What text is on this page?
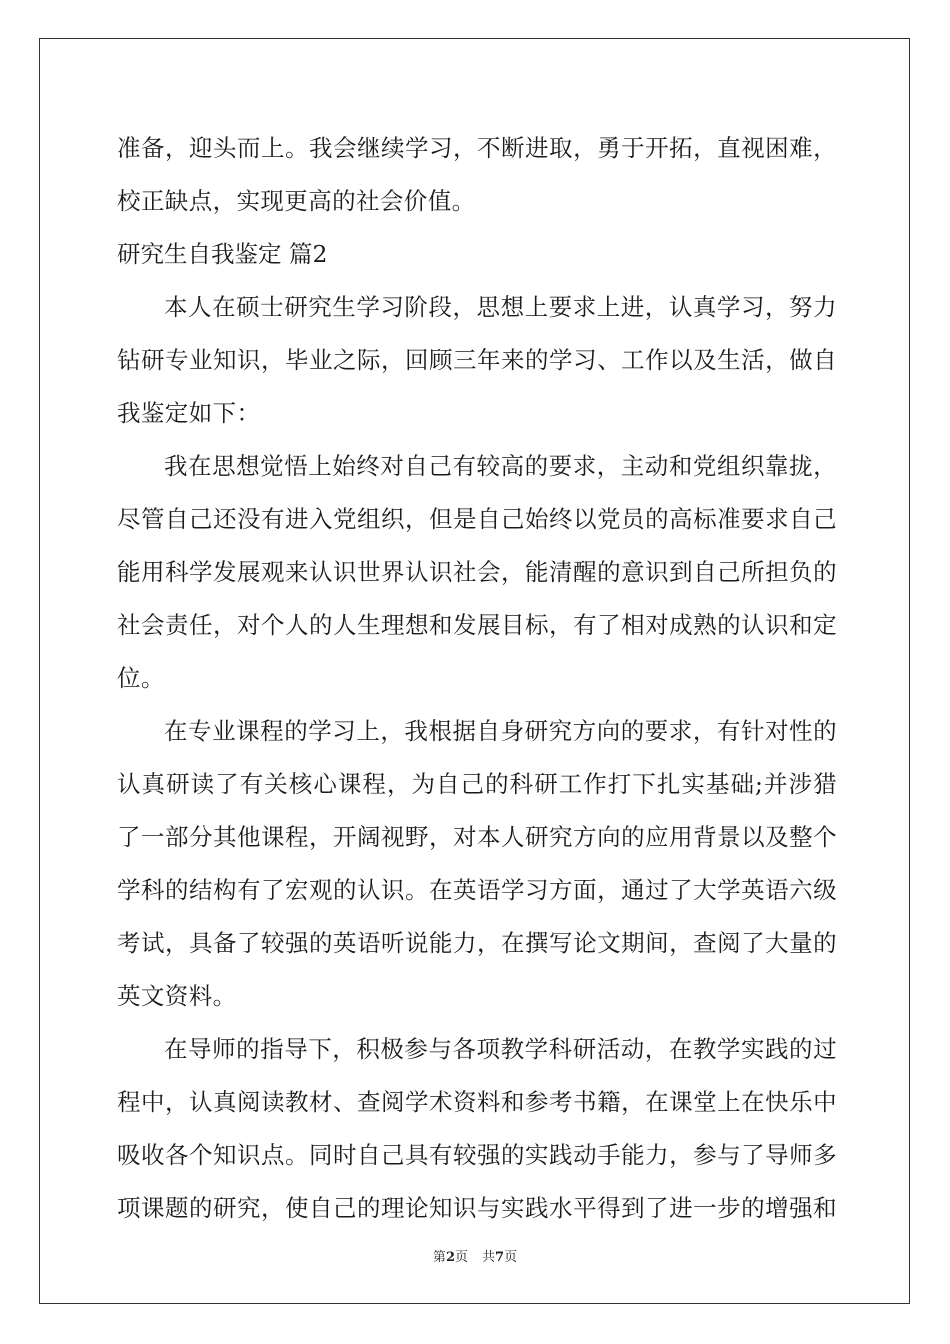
准备，迎头而上。我会继续学习，不断进取，勇于开拓，直视困难，
校正缺点，实现更高的社会价值。
研究生自我鉴定 篇2
本人在硕士研究生学习阶段，思想上要求上进，认真学习，努力
钻研专业知识，毕业之际，回顾三年来的学习、工作以及生活，做自
我鉴定如下：
我在思想觉悟上始终对自己有较高的要求，主动和党组织靠拢，
尽管自己还没有进入党组织，但是自己始终以党员的高标准要求自己
能用科学发展观来认识世界认识社会，能清醒的意识到自己所担负的
社会责任，对个人的人生理想和发展目标，有了相对成熟的认识和定
位。
在专业课程的学习上，我根据自身研究方向的要求，有针对性的
认真研读了有关核心课程，为自己的科研工作打下扎实基础;并涉猎
了一部分其他课程，开阔视野，对本人研究方向的应用背景以及整个
学科的结构有了宏观的认识。在英语学习方面，通过了大学英语六级
考试，具备了较强的英语听说能力，在撰写论文期间，查阅了大量的
英文资料。
在导师的指导下，积极参与各项教学科研活动，在教学实践的过
程中，认真阅读教材、查阅学术资料和参考书籍，在课堂上在快乐中
吸收各个知识点。同时自己具有较强的实践动手能力，参与了导师多
项课题的研究，使自己的理论知识与实践水平得到了进一步的增强和
第2页 共7页
